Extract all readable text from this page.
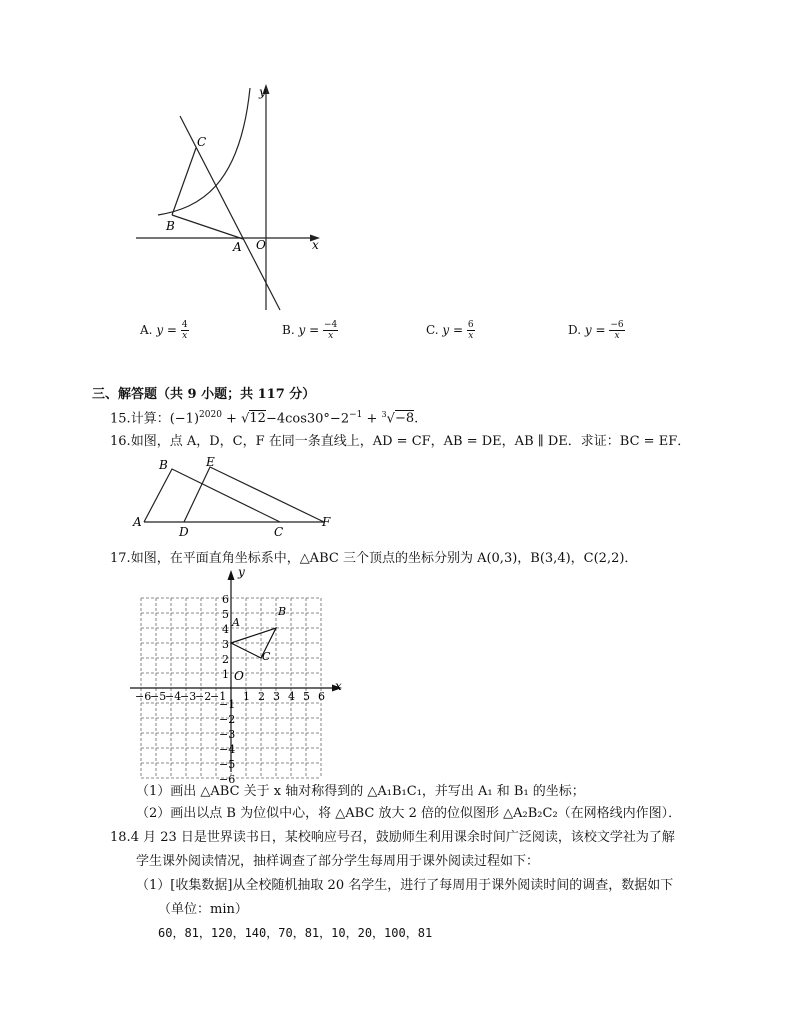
y
x
O
A
B
C
A. $y = \frac{4}{x}$	B. $y = \frac{-4}{x}$	C. $y = \frac{6}{x}$	D. $y = \frac{-6}{x}$
三、解答题（共 9 小题；共 117 分）
15.计算：$(-1)^{2020} + √12-4\cos 30^\circ-2^{-1} + ^3√-8$.
16.如图，点 A，D，C，F 在同一条直线上，AD = CF，AB = DE，AB ∥ DE．求证：BC = EF．
A
B
D
E
C
F
17.如图，在平面直角坐标系中，△ABC 三个顶点的坐标分别为 A(0,3)，B(3,4)，C(2,2)．
−6
−5
−4
−3
−2
−1 1 2 3 4 5 6
6
5
4
3
2
1
−1
−2
−3
−4
−5
−6
y
x
O
A
B
C
（1）画出 △ABC 关于 x 轴对称得到的 △A₁B₁C₁，并写出 A₁ 和 B₁ 的坐标；
（2）画出以点 B 为位似中心，将 △ABC 放大 2 倍的位似图形 △A₂B₂C₂（在网格线内作图）．
18.4 月 23 日是世界读书日，某校响应号召，鼓励师生利用课余时间广泛阅读，该校文学社为了解
学生课外阅读情况，抽样调查了部分学生每周用于课外阅读过程如下：
（1）[收集数据]从全校随机抽取 20 名学生，进行了每周用于课外阅读时间的调查，数据如下
（单位：min）
60，81，120，140，70，81，10，20，100，81
